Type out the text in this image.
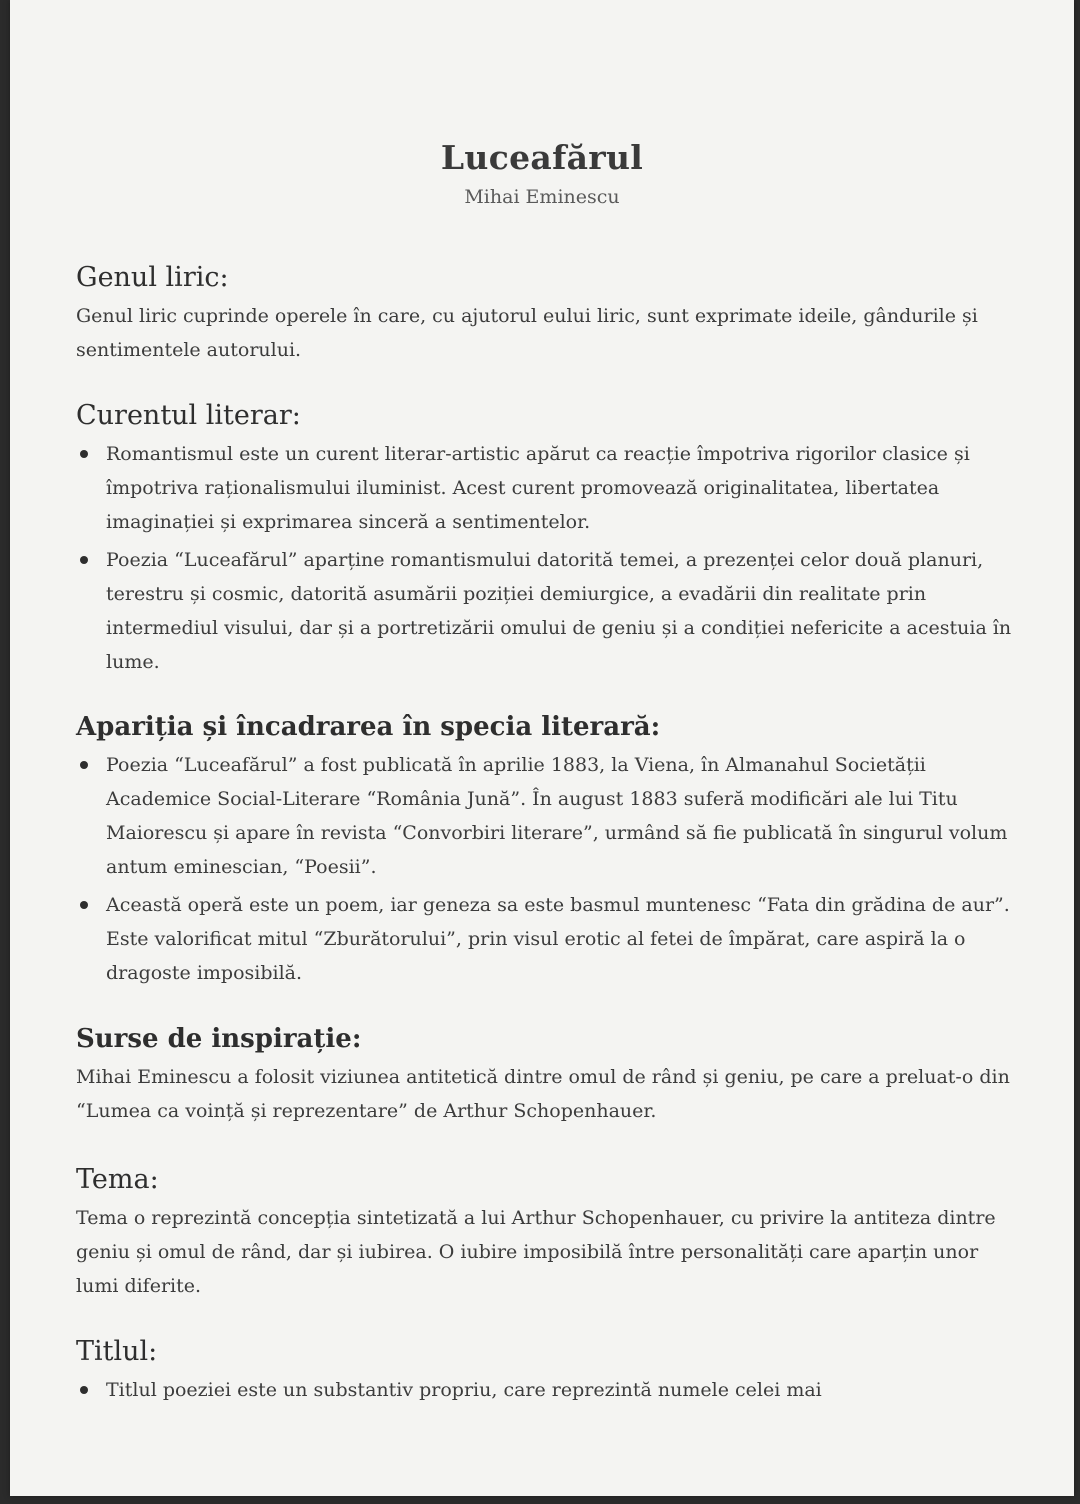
Luceafărul
Mihai Eminescu
Genul liric:

Genul liric cuprinde operele în care, cu ajutorul eului liric, sunt exprimate ideile, gândurile și sentimentele autorului.

Curentul literar:
Romantismul este un curent literar-artistic apărut ca reacție împotriva rigorilor clasice și împotriva raționalismului iluminist. Acest curent promovează originalitatea, libertatea imaginației și exprimarea sinceră a sentimentelor.
Poezia “Luceafărul” aparține romantismului datorită temei, a prezenței celor două planuri, terestru și cosmic, datorită asumării poziției demiurgice, a evadării din realitate prin intermediul visului, dar și a portretizării omului de geniu și a condiției nefericite a acestuia în lume.
Apariția și încadrarea în specia literară:
Poezia “Luceafărul” a fost publicată în aprilie 1883, la Viena, în Almanahul Societății Academice Social-Literare “România Jună”. În august 1883 suferă modificări ale lui Titu Maiorescu și apare în revista “Convorbiri literare”, urmând să fie publicată în singurul volum antum eminescian, “Poesii”.
Această operă este un poem, iar geneza sa este basmul muntenesc “Fata din grădina de aur”. Este valorificat mitul “Zburătorului”, prin visul erotic al fetei de împărat, care aspiră la o dragoste imposibilă.
Surse de inspirație:

Mihai Eminescu a folosit viziunea antitetică dintre omul de rând și geniu, pe care a preluat-o din “Lumea ca voință și reprezentare” de Arthur Schopenhauer.

Tema:

Tema o reprezintă concepția sintetizată a lui Arthur Schopenhauer, cu privire la antiteza dintre geniu și omul de rând, dar și iubirea. O iubire imposibilă între personalități care aparțin unor lumi diferite.

Titlul:
Titlul poeziei este un substantiv propriu, care reprezintă numele celei mai
